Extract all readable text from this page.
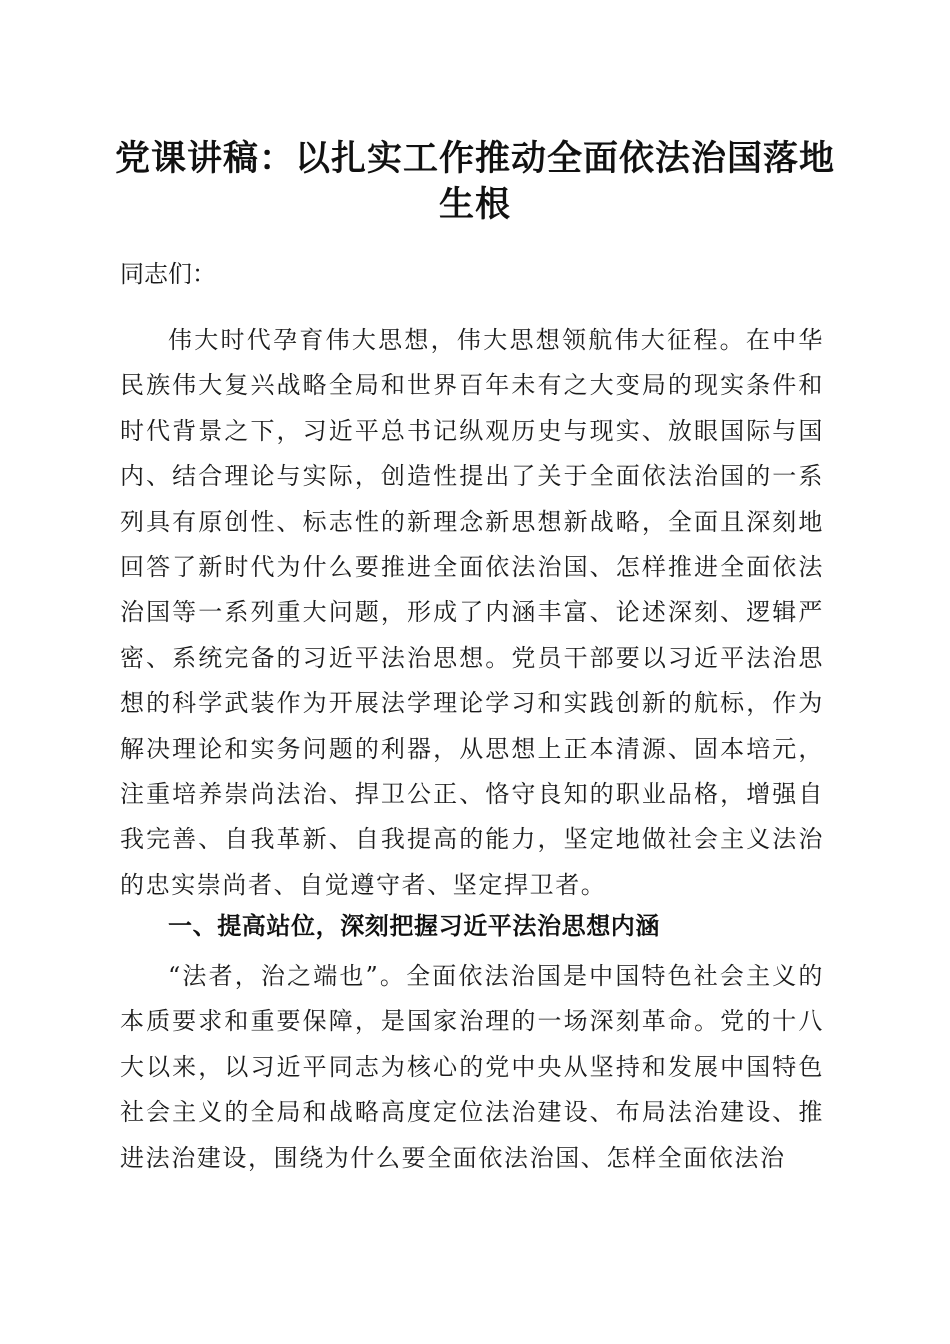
党课讲稿：以扎实工作推动全面依法治国落地生根

同志们：

伟大时代孕育伟大思想，伟大思想领航伟大征程。在中华民族伟大复兴战略全局和世界百年未有之大变局的现实条件和时代背景之下，习近平总书记纵观历史与现实、放眼国际与国内、结合理论与实际，创造性提出了关于全面依法治国的一系列具有原创性、标志性的新理念新思想新战略，全面且深刻地回答了新时代为什么要推进全面依法治国、怎样推进全面依法治国等一系列重大问题，形成了内涵丰富、论述深刻、逻辑严密、系统完备的习近平法治思想。党员干部要以习近平法治思想的科学武装作为开展法学理论学习和实践创新的航标，作为解决理论和实务问题的利器，从思想上正本清源、固本培元，注重培养崇尚法治、捍卫公正、恪守良知的职业品格，增强自我完善、自我革新、自我提高的能力，坚定地做社会主义法治的忠实崇尚者、自觉遵守者、坚定捍卫者。

一、提高站位，深刻把握习近平法治思想内涵

“法者，治之端也”。全面依法治国是中国特色社会主义的本质要求和重要保障，是国家治理的一场深刻革命。党的十八大以来，以习近平同志为核心的党中央从坚持和发展中国特色社会主义的全局和战略高度定位法治建设、布局法治建设、推进法治建设，围绕为什么要全面依法治国、怎样全面依法治
